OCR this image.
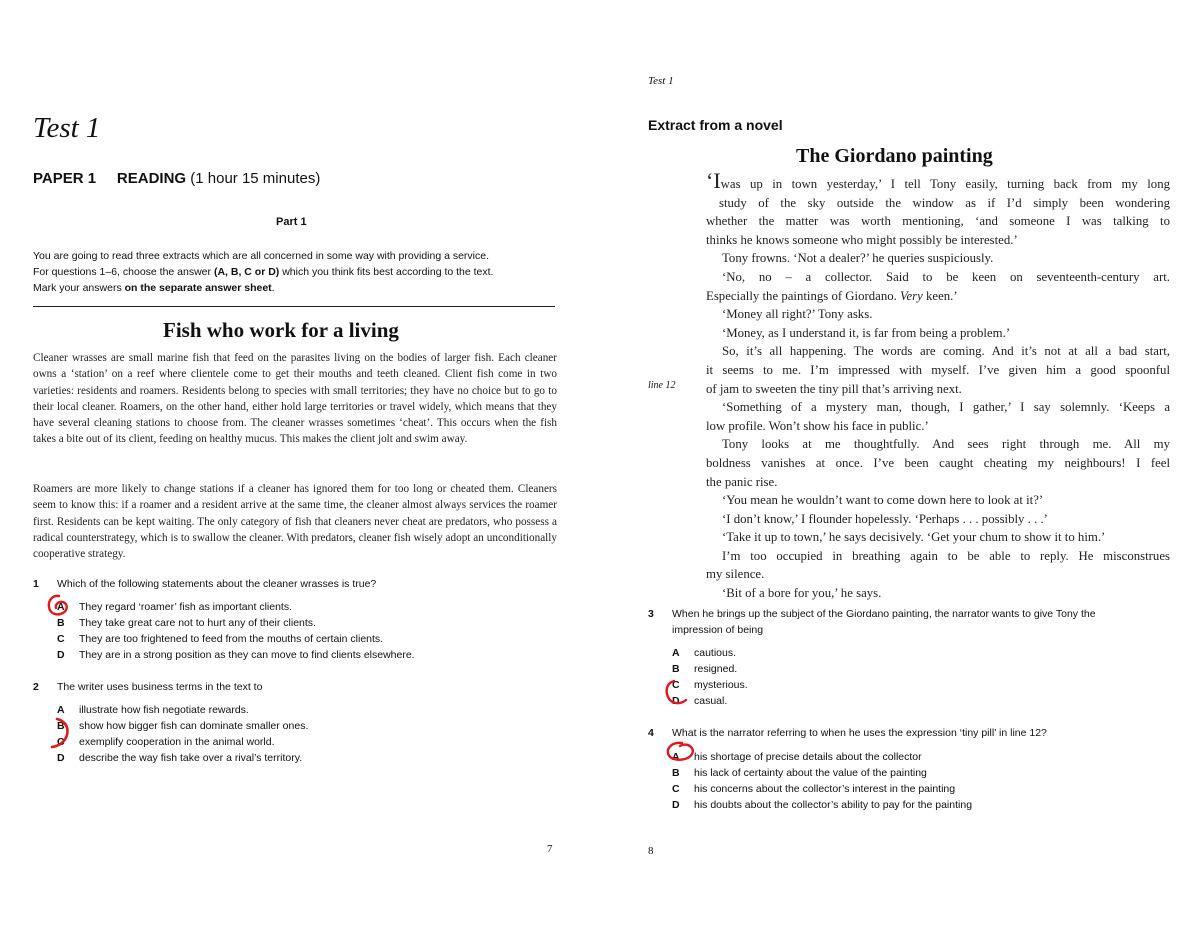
Test 1
PAPER 1 READING (1 hour 15 minutes)
Part 1
You are going to read three extracts which are all concerned in some way with providing a service.
For questions 1–6, choose the answer (A, B, C or D) which you think fits best according to the text.
Mark your answers on the separate answer sheet.
Fish who work for a living
Cleaner wrasses are small marine fish that feed on the parasites living on the bodies of larger fish. Each cleaner owns a ‘station’ on a reef where clientele come to get their mouths and teeth cleaned. Client fish come in two varieties: residents and roamers. Residents belong to species with small territories; they have no choice but to go to their local cleaner. Roamers, on the other hand, either hold large territories or travel widely, which means that they have several cleaning stations to choose from. The cleaner wrasses sometimes ‘cheat’. This occurs when the fish takes a bite out of its client, feeding on healthy mucus. This makes the client jolt and swim away.
Roamers are more likely to change stations if a cleaner has ignored them for too long or cheated them. Cleaners seem to know this: if a roamer and a resident arrive at the same time, the cleaner almost always services the roamer first. Residents can be kept waiting. The only category of fish that cleaners never cheat are predators, who possess a radical counterstrategy, which is to swallow the cleaner. With predators, cleaner fish wisely adopt an unconditionally cooperative strategy.
1 Which of the following statements about the cleaner wrasses is true?
A They regard ‘roamer’ fish as important clients.
B They take great care not to hurt any of their clients.
C They are too frightened to feed from the mouths of certain clients.
D They are in a strong position as they can move to find clients elsewhere.
2 The writer uses business terms in the text to
A illustrate how fish negotiate rewards.
B show how bigger fish can dominate smaller ones.
C exemplify cooperation in the animal world.
D describe the way fish take over a rival’s territory.
7
Test 1
Extract from a novel
The Giordano painting
line 12
‘Iwas up in town yesterday,’ I tell Tony easily, turning back from my long
study of the sky outside the window as if I’d simply been wondering
whether the matter was worth mentioning, ‘and someone I was talking to
thinks he knows someone who might possibly be interested.’
Tony frowns. ‘Not a dealer?’ he queries suspiciously.
‘No, no – a collector. Said to be keen on seventeenth-century art.
Especially the paintings of Giordano. Very keen.’
‘Money all right?’ Tony asks.
‘Money, as I understand it, is far from being a problem.’
So, it’s all happening. The words are coming. And it’s not at all a bad start,
it seems to me. I’m impressed with myself. I’ve given him a good spoonful
of jam to sweeten the tiny pill that’s arriving next.
‘Something of a mystery man, though, I gather,’ I say solemnly. ‘Keeps a
low profile. Won’t show his face in public.’
Tony looks at me thoughtfully. And sees right through me. All my
boldness vanishes at once. I’ve been caught cheating my neighbours! I feel
the panic rise.
‘You mean he wouldn’t want to come down here to look at it?’
‘I don’t know,’ I flounder hopelessly. ‘Perhaps . . . possibly . . .’
‘Take it up to town,’ he says decisively. ‘Get your chum to show it to him.’
I’m too occupied in breathing again to be able to reply. He misconstrues
my silence.
‘Bit of a bore for you,’ he says.
3 When he brings up the subject of the Giordano painting, the narrator wants to give Tony the
impression of being
A cautious.
B resigned.
C mysterious.
D casual.
4 What is the narrator referring to when he uses the expression ‘tiny pill’ in line 12?
A his shortage of precise details about the collector
B his lack of certainty about the value of the painting
C his concerns about the collector’s interest in the painting
D his doubts about the collector’s ability to pay for the painting
8
